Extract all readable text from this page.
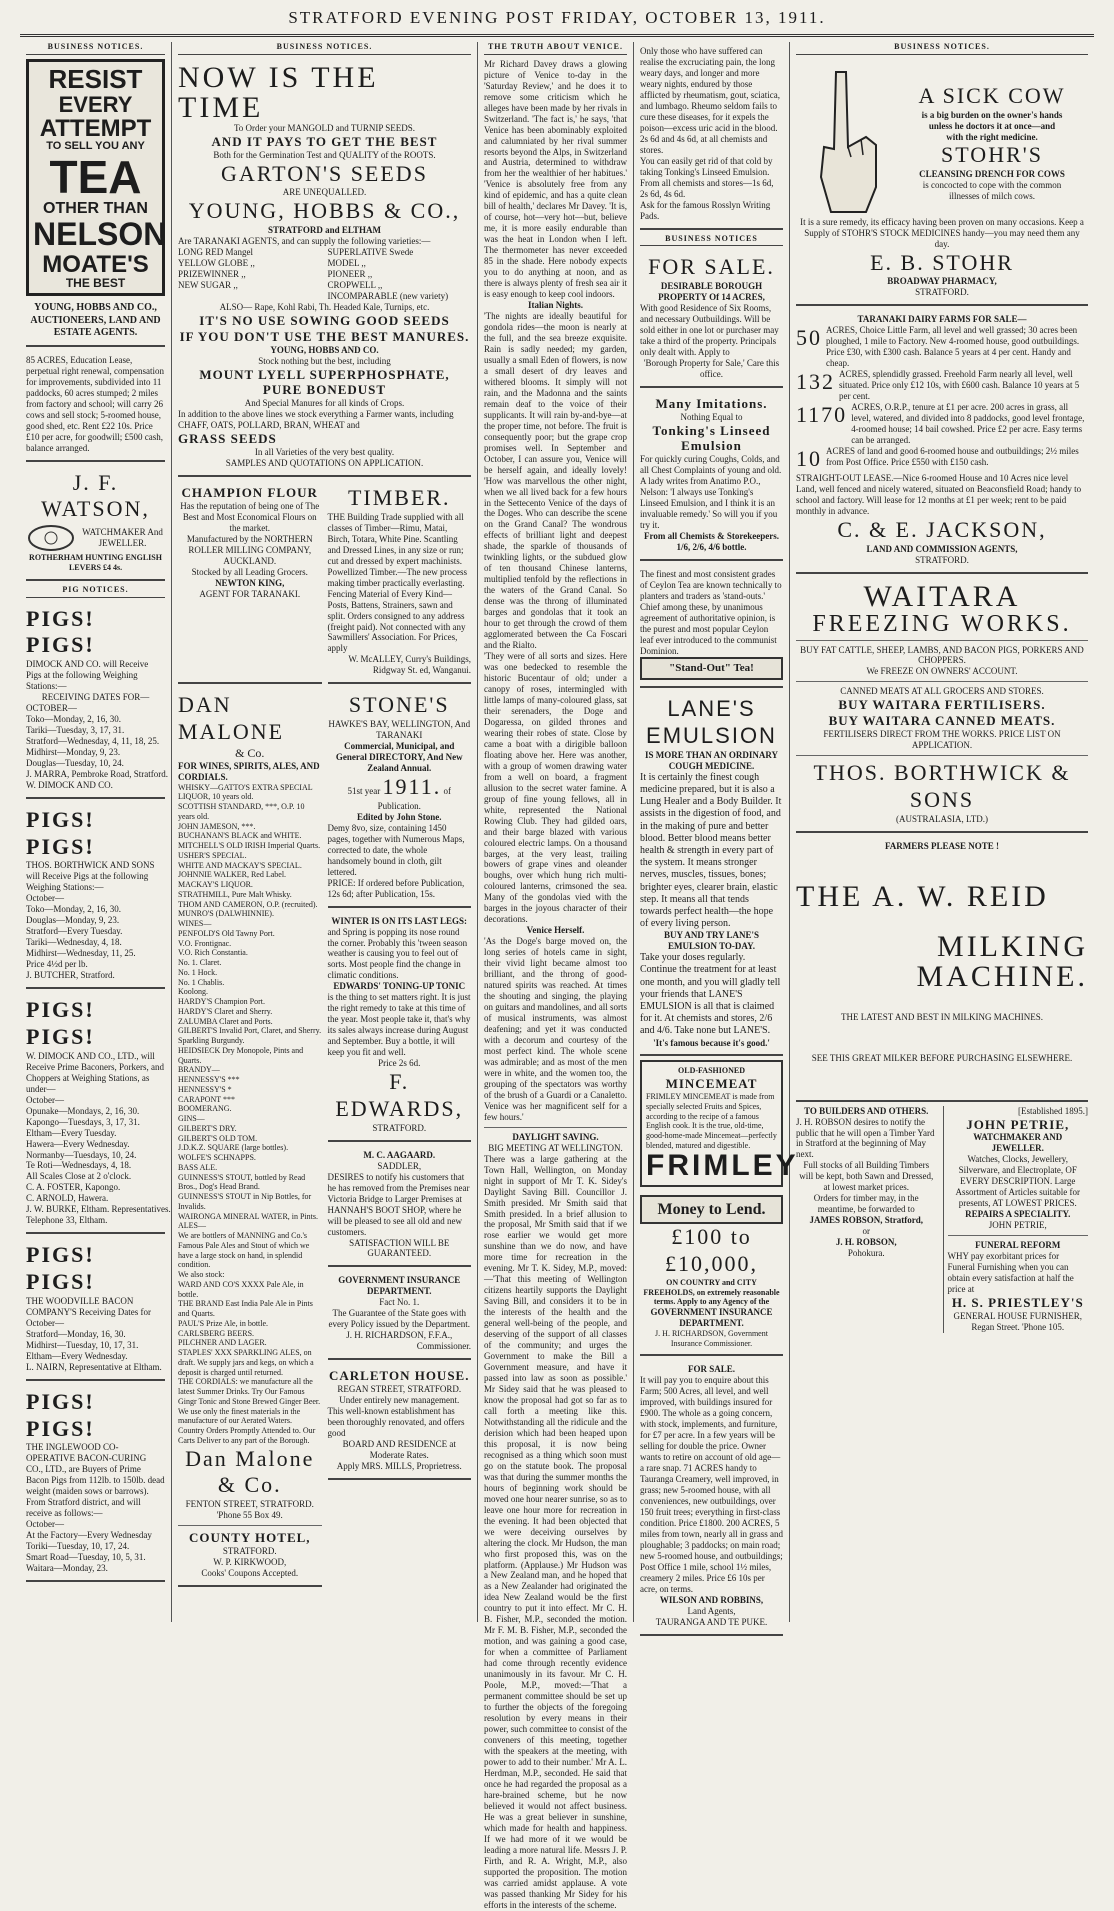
STRATFORD EVENING POST FRIDAY, OCTOBER 13, 1911.
BUSINESS NOTICES.
RESIST
EVERY
ATTEMPT
TO SELL YOU ANY
TEA
OTHER THAN
NELSON
MOATE'S
THE BEST
YOUNG, HOBBS AND CO., AUCTIONEERS, LAND AND ESTATE AGENTS.
85 ACRES, Education Lease, perpetual right renewal, compensation for improvements, subdivided into 11 paddocks, 60 acres stumped; 2 miles from factory and school; will carry 26 cows and sell stock; 5-roomed house, good shed, etc. Rent £22 10s. Price £10 per acre, for goodwill; £500 cash, balance arranged.
J. F. WATSON,
WATCHMAKER And JEWELLER.
ROTHERHAM HUNTING ENGLISH LEVERS £4 4s.
PIG NOTICES.
PIGS! PIGS!
DIMOCK AND CO. will Receive Pigs at the following Weighing Stations:—
RECEIVING DATES FOR—
OCTOBER—
Toko—Monday, 2, 16, 30.
Tariki—Tuesday, 3, 17, 31.
Stratford—Wednesday, 4, 11, 18, 25.
Midhirst—Monday, 9, 23.
Douglas—Tuesday, 10, 24.
J. MARRA, Pembroke Road, Stratford.
W. DIMOCK AND CO.
PIGS! PIGS!
THOS. BORTHWICK AND SONS will Receive Pigs at the following Weighing Stations:—
October—
Toko—Monday, 2, 16, 30.
Douglas—Monday, 9, 23.
Stratford—Every Tuesday.
Tariki—Wednesday, 4, 18.
Midhirst—Wednesday, 11, 25.
Price 4½d per lb.
J. BUTCHER, Stratford.
PIGS! PIGS!
W. DIMOCK AND CO., LTD., will Receive Prime Baconers, Porkers, and Choppers at Weighing Stations, as under—
October—
Opunake—Mondays, 2, 16, 30.
Kapongo—Tuesdays, 3, 17, 31.
Eltham—Every Tuesday.
Hawera—Every Wednesday.
Normanby—Tuesdays, 10, 24.
Te Roti—Wednesdays, 4, 18.
All Scales Close at 2 o'clock.
C. A. FOSTER, Kapongo.
C. ARNOLD, Hawera.
J. W. BURKE, Eltham. Representatives.
Telephone 33, Eltham.
PIGS! PIGS!
THE WOODVILLE BACON COMPANY'S Receiving Dates for October—
Stratford—Monday, 16, 30.
Midhirst—Tuesday, 10, 17, 31.
Eltham—Every Wednesday.
L. NAIRN, Representative at Eltham.
PIGS! PIGS!
THE INGLEWOOD CO-OPERATIVE BACON-CURING CO., LTD., are Buyers of Prime Bacon Pigs from 112lb. to 150lb. dead weight (maiden sows or barrows). From Stratford district, and will receive as follows:—
October—
At the Factory—Every Wednesday
Toriki—Tuesday, 10, 17, 24.
Smart Road—Tuesday, 10, 5, 31.
Waitara—Monday, 23.
BUSINESS NOTICES.
NOW IS THE TIME
To Order your MANGOLD and TURNIP SEEDS.
AND IT PAYS TO GET THE BEST
Both for the Germination Test and QUALITY of the ROOTS.
GARTON'S SEEDS
ARE UNEQUALLED.
YOUNG, HOBBS & CO.,
STRATFORD and ELTHAM
Are TARANAKI AGENTS, and can supply the following varieties:—
LONG RED Mangel
YELLOW GLOBE ,,
PRIZEWINNER ,,
NEW SUGAR ,,
SUPERLATIVE Swede
MODEL ,,
PIONEER ,,
CROPWELL ,,
INCOMPARABLE (new variety)
ALSO— Rape, Kohl Rabi, Th. Headed Kale, Turnips, etc.
IT'S NO USE SOWING GOOD SEEDS
IF YOU DON'T USE THE BEST MANURES.
YOUNG, HOBBS AND CO.
Stock nothing but the best, including
MOUNT LYELL SUPERPHOSPHATE, PURE BONEDUST
And Special Manures for all kinds of Crops.
In addition to the above lines we stock everything a Farmer wants, including CHAFF, OATS, POLLARD, BRAN, WHEAT and
GRASS SEEDS
In all Varieties of the very best quality.
SAMPLES AND QUOTATIONS ON APPLICATION.
CHAMPION FLOUR
Has the reputation of being one of The Best and Most Economical Flours on the market.
Manufactured by the NORTHERN ROLLER MILLING COMPANY, AUCKLAND.
Stocked by all Leading Grocers.
NEWTON KING,
AGENT FOR TARANAKI.
TIMBER.
THE Building Trade supplied with all classes of Timber—Rimu, Matai, Birch, Totara, White Pine. Scantling and Dressed Lines, in any size or run; cut and dressed by expert machinists. Powellized Timber.—The new process making timber practically everlasting. Fencing Material of Every Kind—Posts, Battens, Strainers, sawn and split. Orders consigned to any address (freight paid). Not connected with any Sawmillers' Association. For Prices, apply
W. McALLEY, Curry's Buildings, Ridgway St. ed, Wanganui.
DAN MALONE
& Co.
FOR WINES, SPIRITS, ALES, AND CORDIALS.
WHISKY—GATTO'S EXTRA SPECIAL LIQUOR, 10 years old.
SCOTTISH STANDARD, ***, O.P. 10 years old.
JOHN JAMESON, ***.
BUCHANAN'S BLACK and WHITE.
MITCHELL'S OLD IRISH Imperial Quarts.
USHER'S SPECIAL.
WHITE AND MACKAY'S SPECIAL.
JOHNNIE WALKER, Red Label.
MACKAY'S LIQUOR.
STRATHMILL, Pure Malt Whisky.
THOM AND CAMERON, O.P. (recruited).
MUNRO'S (DALWHINNIE).
WINES—
PENFOLD'S Old Tawny Port.
V.O. Frontignac.
V.O. Rich Constantia.
No. 1. Claret.
No. 1 Hock.
No. 1 Chablis.
Koolong.
HARDY'S Champion Port.
HARDY'S Claret and Sherry.
ZALUMBA Claret and Ports.
GILBERT'S Invalid Port, Claret, and Sherry.
Sparkling Burgundy.
HEIDSIECK Dry Monopole, Pints and Quarts.
BRANDY—
HENNESSY'S ***
HENNESSY'S *
CARAPONT ***
BOOMERANG.
GINS—
GILBERT'S DRY.
GILBERT'S OLD TOM.
J.D.K.Z. SQUARE (large bottles).
WOLFE'S SCHNAPPS.
BASS ALE.
GUINNESS'S STOUT, bottled by Read Bros., Dog's Head Brand.
GUINNESS'S STOUT in Nip Bottles, for Invalids.
WAIRONGA MINERAL WATER, in Pints.
ALES—
We are bottlers of MANNING and Co.'s Famous Pale Ales and Stout of which we have a large stock on hand, in splendid condition.
We also stock:
WARD AND CO'S XXXX Pale Ale, in bottle.
THE BRAND East India Pale Ale in Pints and Quarts.
PAUL'S Prize Ale, in bottle.
CARLSBERG BEERS.
PILCHNER AND LAGER.
STAPLES' XXX SPARKLING ALES, on draft. We supply jars and kegs, on which a deposit is charged until returned.
THE CORDIALS: we manufacture all the latest Summer Drinks. Try Our Famous Gingr Tonic and Stone Brewed Ginger Beer. We use only the finest materials in the manufacture of our Aerated Waters.
Country Orders Promptly Attended to. Our Carts Deliver to any part of the Borough.
Dan Malone & Co.
FENTON STREET, STRATFORD.
'Phone 55 Box 49.
COUNTY HOTEL,
STRATFORD.
W. P. KIRKWOOD,
Cooks' Coupons Accepted.
STONE'S
HAWKE'S BAY, WELLINGTON, And TARANAKI
Commercial, Municipal, and General DIRECTORY, And New Zealand Annual.
51st year 1911. of Publication.
Edited by John Stone.
Demy 8vo, size, containing 1450 pages, together with Numerous Maps, corrected to date, the whole handsomely bound in cloth, gilt lettered.
PRICE: If ordered before Publication, 12s 6d; after Publication, 15s.
WINTER IS ON ITS LAST LEGS:
and Spring is popping its nose round the corner. Probably this 'tween season weather is causing you to feel out of sorts. Most people find the change in climatic conditions.
EDWARDS' TONING-UP TONIC
is the thing to set matters right. It is just the right remedy to take at this time of the year. Most people take it, that's why its sales always increase during August and September. Buy a bottle, it will keep you fit and well.
Price 2s 6d.
F. EDWARDS,
STRATFORD.
M. C. AAGAARD.
SADDLER,
DESIRES to notify his customers that he has removed from the Premises near Victoria Bridge to Larger Premises at HANNAH'S BOOT SHOP, where he will be pleased to see all old and new customers.
SATISFACTION WILL BE GUARANTEED.
GOVERNMENT INSURANCE
DEPARTMENT.
Fact No. 1.
The Guarantee of the State goes with every Policy issued by the Department.
J. H. RICHARDSON, F.F.A.,
Commissioner.
CARLETON HOUSE.
REGAN STREET, STRATFORD.
Under entirely new management.
This well-known establishment has been thoroughly renovated, and offers good
BOARD AND RESIDENCE at Moderate Rates.
Apply MRS. MILLS, Proprietress.
THE TRUTH ABOUT VENICE.
Mr Richard Davey draws a glowing picture of Venice to-day in the 'Saturday Review,' and he does it to remove some criticism which he alleges have been made by her rivals in Switzerland. 'The fact is,' he says, 'that Venice has been abominably exploited and calumniated by her rival summer resorts beyond the Alps, in Switzerland and Austria, determined to withdraw from her the wealthier of her habitues.' 'Venice is absolutely free from any kind of epidemic, and has a quite clean bill of health,' declares Mr Davey. 'It is, of course, hot—very hot—but, believe me, it is more easily endurable than was the heat in London when I left. The thermometer has never exceeded 85 in the shade. Here nobody expects you to do anything at noon, and as there is always plenty of fresh sea air it is easy enough to keep cool indoors.
Italian Nights.
'The nights are ideally beautiful for gondola rides—the moon is nearly at the full, and the sea breeze exquisite. Rain is sadly needed; my garden, usually a small Eden of flowers, is now a small desert of dry leaves and withered blooms. It simply will not rain, and the Madonna and the saints remain deaf to the voice of their supplicants. It will rain by-and-bye—at the proper time, not before. The fruit is consequently poor; but the grape crop promises well. In September and October, I can assure you, Venice will be herself again, and ideally lovely! 'How was marvellous the other night, when we all lived back for a few hours in the Settecento Venice of the days of the Doges. Who can describe the scene on the Grand Canal? The wondrous effects of brilliant light and deepest shade, the sparkle of thousands of twinkling lights, or the subdued glow of ten thousand Chinese lanterns, multiplied tenfold by the reflections in the waters of the Grand Canal. So dense was the throng of illuminated barges and gondolas that it took an hour to get through the crowd of them agglomerated between the Ca Foscari and the Rialto.
'They were of all sorts and sizes. Here was one bedecked to resemble the historic Bucentaur of old; under a canopy of roses, intermingled with little lamps of many-coloured glass, sat their serenaders, the Doge and Dogaressa, on gilded thrones and wearing their robes of state. Close by came a boat with a dirigible balloon floating above her. Here was another, with a group of women drawing water from a well on board, a fragment allusion to the secret water famine. A group of fine young fellows, all in white, represented the National Rowing Club. They had gilded oars, and their barge blazed with various coloured electric lamps. On a thousand barges, at the very least, trailing bowers of grape vines and oleander boughs, over which hung rich multi-coloured lanterns, crimsoned the sea. Many of the gondolas vied with the barges in the joyous character of their decorations.
Venice Herself.
'As the Doge's barge moved on, the long series of hotels came in sight, their vivid light became almost too brilliant, and the throng of good-natured spirits was reached. At times the shouting and singing, the playing on guitars and mandolines, and all sorts of musical instruments, was almost deafening; and yet it was conducted with a decorum and courtesy of the most perfect kind. The whole scene was admirable; and as most of the men were in white, and the women too, the grouping of the spectators was worthy of the brush of a Guardi or a Canaletto. Venice was her magnificent self for a few hours.'
DAYLIGHT SAVING.
BIG MEETING AT WELLINGTON.
There was a large gathering at the Town Hall, Wellington, on Monday night in support of Mr T. K. Sidey's Daylight Saving Bill. Councillor J. Smith presided. Mr Smith said that Smith presided. In a brief allusion to the proposal, Mr Smith said that if we rose earlier we would get more sunshine than we do now, and have more time for recreation in the evening. Mr T. K. Sidey, M.P., moved:—'That this meeting of Wellington citizens heartily supports the Daylight Saving Bill, and considers it to be in the interests of the health and the general well-being of the people, and deserving of the support of all classes of the community; and urges the Government to make the Bill a Government measure, and have it passed into law as soon as possible.' Mr Sidey said that he was pleased to know the proposal had got so far as to call forth a meeting like this. Notwithstanding all the ridicule and the derision which had been heaped upon this proposal, it is now being recognised as a thing which soon must go on the statute book. The proposal was that during the summer months the hours of beginning work should be moved one hour nearer sunrise, so as to leave one hour more for recreation in the evening. It had been objected that we were deceiving ourselves by altering the clock. Mr Hudson, the man who first proposed this, was on the platform. (Applause.) Mr Hudson was a New Zealand man, and he hoped that as a New Zealander had originated the idea New Zealand would be the first country to put it into effect. Mr C. H. B. Fisher, M.P., seconded the motion. Mr F. M. B. Fisher, M.P., seconded the motion, and was gaining a good case, for when a committee of Parliament had come through recently evidence unanimously in its favour. Mr C. H. Poole, M.P., moved:—'That a permanent committee should be set up to further the objects of the foregoing resolution by every means in their power, such committee to consist of the conveners of this meeting, together with the speakers at the meeting, with power to add to their number.' Mr A. L. Herdman, M.P., seconded. He said that once he had regarded the proposal as a hare-brained scheme, but he now believed it would not affect business. He was a great believer in sunshine, which made for health and happiness. If we had more of it we would be leading a more natural life. Messrs J. P. Firth, and R. A. Wright, M.P., also supported the proposition. The motion was carried amidst applause. A vote was passed thanking Mr Sidey for his efforts in the interests of the scheme.
Only those who have suffered can realise the excruciating pain, the long weary days, and longer and more weary nights, endured by those afflicted by rheumatism, gout, sciatica, and lumbago. Rheumo seldom fails to cure these diseases, for it expels the poison—excess uric acid in the blood. 2s 6d and 4s 6d, at all chemists and stores.
You can easily get rid of that cold by taking Tonking's Linseed Emulsion. From all chemists and stores—1s 6d, 2s 6d, 4s 6d.
Ask for the famous Rosslyn Writing Pads.
BUSINESS NOTICES
FOR SALE.
DESIRABLE BOROUGH PROPERTY Of 14 ACRES,
With good Residence of Six Rooms, and necessary Outbuildings. Will be sold either in one lot or purchaser may take a third of the property. Principals only dealt with. Apply to
'Borough Property for Sale,' Care this office.
Many Imitations.
Nothing Equal to
Tonking's Linseed Emulsion
For quickly curing Coughs, Colds, and all Chest Complaints of young and old. A lady writes from Anatimo P.O., Nelson: 'I always use Tonking's Linseed Emulsion, and I think it is an invaluable remedy.' So will you if you try it.
From all Chemists & Storekeepers. 1/6, 2/6, 4/6 bottle.
The finest and most consistent grades of Ceylon Tea are known technically to planters and traders as 'stand-outs.' Chief among these, by unanimous agreement of authoritative opinion, is the purest and most popular Ceylon leaf ever introduced to the communist Dominion.
"Stand-Out" Tea!
LANE'S EMULSION
IS MORE THAN AN ORDINARY COUGH MEDICINE.
It is certainly the finest cough medicine prepared, but it is also a Lung Healer and a Body Builder. It assists in the digestion of food, and in the making of pure and better blood. Better blood means better health & strength in every part of the system. It means stronger nerves, muscles, tissues, bones; brighter eyes, clearer brain, elastic step. It means all that tends towards perfect health—the hope of every living person.
BUY AND TRY LANE'S EMULSION TO-DAY.
Take your doses regularly. Continue the treatment for at least one month, and you will gladly tell your friends that LANE'S EMULSION is all that is claimed for it. At chemists and stores, 2/6 and 4/6. Take none but LANE'S.
'It's famous because it's good.'
OLD-FASHIONED
MINCEMEAT
FRIMLEY MINCEMEAT is made from specially selected Fruits and Spices, according to the recipe of a famous English cook. It is the true, old-time, good-home-made Mincemeat—perfectly blended, matured and digestible.
FRIMLEY
Money to Lend.
£100 to £10,000,
ON COUNTRY and CITY FREEHOLDS, on extremely reasonable terms. Apply to any Agency of the
GOVERNMENT INSURANCE DEPARTMENT.
J. H. RICHARDSON, Government Insurance Commissioner.
FOR SALE.
It will pay you to enquire about this Farm; 500 Acres, all level, and well improved, with buildings insured for £900. The whole as a going concern, with stock, implements, and furniture, for £7 per acre. In a few years will be selling for double the price. Owner wants to retire on account of old age—a rare snap. 71 ACRES handy to Tauranga Creamery, well improved, in grass; new 5-roomed house, with all conveniences, new outbuildings, over 150 fruit trees; everything in first-class condition. Price £1800. 200 ACRES, 5 miles from town, nearly all in grass and ploughable; 3 paddocks; on main road; new 5-roomed house, and outbuildings; Post Office 1 mile, school 1½ miles, creamery 2 miles. Price £6 10s per acre, on terms.
WILSON AND ROBBINS,
Land Agents,
TAURANGA AND TE PUKE.
BUSINESS NOTICES.
A SICK COW
is a big burden on the owner's hands
unless he doctors it at once—and
with the right medicine.
STOHR'S
CLEANSING DRENCH FOR COWS
is concocted to cope with the common
illnesses of milch cows.
It is a sure remedy, its efficacy having been proven on many occasions. Keep a Supply of STOHR'S STOCK MEDICINES handy—you may need them any day.
E. B. STOHR
BROADWAY PHARMACY,
STRATFORD.
TARANAKI DAIRY FARMS FOR SALE—
50 ACRES, Choice Little Farm, all level and well grassed; 30 acres been ploughed, 1 mile to Factory. New 4-roomed house, good outbuildings. Price £30, with £300 cash. Balance 5 years at 4 per cent. Handy and cheap.
132 ACRES, splendidly grassed. Freehold Farm nearly all level, well situated. Price only £12 10s, with £600 cash. Balance 10 years at 5 per cent.
1170 ACRES, O.R.P., tenure at £1 per acre. 200 acres in grass, all level, watered, and divided into 8 paddocks, good level frontage, 4-roomed house; 14 bail cowshed. Price £2 per acre. Easy terms can be arranged.
10 ACRES of land and good 6-roomed house and outbuildings; 2½ miles from Post Office. Price £550 with £150 cash.
STRAIGHT-OUT LEASE.—Nice 6-roomed House and 10 Acres nice level Land, well fenced and nicely watered, situated on Beaconsfield Road; handy to school and factory. Will lease for 12 months at £1 per week; rent to be paid monthly in advance.
C. & E. JACKSON,
LAND AND COMMISSION AGENTS,
STRATFORD.
WAITARA
FREEZING WORKS.
BUY FAT CATTLE, SHEEP, LAMBS, AND BACON PIGS, PORKERS AND CHOPPERS.
We FREEZE ON OWNERS' ACCOUNT.
CANNED MEATS AT ALL GROCERS AND STORES.
BUY WAITARA FERTILISERS.
BUY WAITARA CANNED MEATS.
FERTILISERS DIRECT FROM THE WORKS. PRICE LIST ON APPLICATION.
THOS. BORTHWICK & SONS
(AUSTRALASIA, LTD.)
FARMERS PLEASE NOTE !
THE A. W. REID
MILKING MACHINE.
THE LATEST AND BEST IN MILKING MACHINES.
SEE THIS GREAT MILKER BEFORE PURCHASING ELSEWHERE.
TO BUILDERS AND OTHERS.
J. H. ROBSON desires to notify the public that he will open a Timber Yard in Stratford at the beginning of May next.
Full stocks of all Building Timbers will be kept, both Sawn and Dressed, at lowest market prices.
Orders for timber may, in the meantime, be forwarded to
JAMES ROBSON, Stratford,
or
J. H. ROBSON,
Pohokura.
[Established 1895.]
JOHN PETRIE,
WATCHMAKER AND JEWELLER.
Watches, Clocks, Jewellery, Silverware, and Electroplate, OF EVERY DESCRIPTION. Large Assortment of Articles suitable for presents, AT LOWEST PRICES.
REPAIRS A SPECIALITY.
JOHN PETRIE,
FUNERAL REFORM
WHY pay exorbitant prices for Funeral Furnishing when you can obtain every satisfaction at half the price at
H. S. PRIESTLEY'S
GENERAL HOUSE FURNISHER,
Regan Street. 'Phone 105.
